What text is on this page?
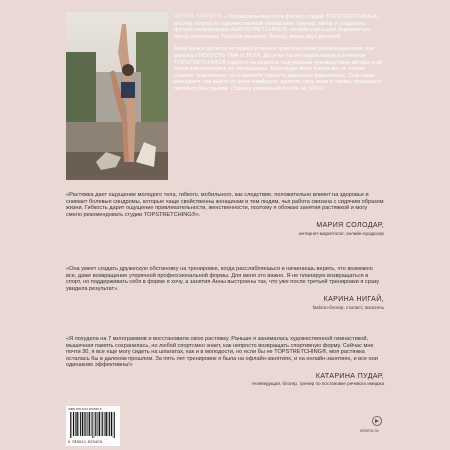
АННА КАНЮК – основательница сети фитнес-студий TOPSTRETCHING®, мастер спорта по художественной гимнастике, тренер, автор и создатель фитнес-направления AEROSTRETCHING®, онлайн-курса для беременных, автор нескольких YouTube-каналов, блогер, мама двух дочерей.

Анна Канюк делится историей успеха и практическими рекомендациями, как развить ГИБКОСТЬ УМА И ТЕЛА. Десятки тысяч подписчиков и клиентов TOPSTRETCHING® садятся на шпагаты под умелым руководством автора этой книги или пользуясь ее методиками. Благодаря Анне Канюк вы не только станете пластичнее, но и сможете обрести душевное равновесие. Она также расскажет, как выйти из зоны комфорта, развить силу воли и начать правильно питаться без срывов. Станьте уверенной в себе на 100%!

«Растяжка дает ощущение молодого тела, гибкого, мобильного, как следствие, положительно влияет на здоровье и снимает болевые синдромы, которые чаще свойственны женщинам и тем людям, чья работа связана с сидячим образом жизни. Гибкость дарит ощущение привлекательности, женственности, поэтому я обожаю занятия растяжкой и могу смело рекомендовать студии TOPSTRETCHING®».
МАРИЯ СОЛОДАР,
интернет-маркетолог, онлайн-продюсер
«Она умеет создать дружескую обстановку на тренировке, когда расслабляешься и начинаешь верить, что возможно все, даже возвращение утерянной профессиональной формы. Для меня это важно. Я не планирую возвращаться в спорт, но поддерживать себя в форме я хочу, а занятия Анны выстроены так, что уже после третьей тренировки я сразу увидела результат».
КАРИНА НИГАЙ,
fashion-блогер, стилист, писатель
«Я похудела на 7 килограммов и восстановила свою растяжку. Раньше я занималась художественной гимнастикой, мышечная память сохранилась, но любой спортсмен знает, как непросто возвращать спортивную форму. Сейчас мне почти 30, я все еще могу сидеть на шпагатах, как и в молодости, но если бы не TOPSTRETCHING®, моя растяжка осталась бы в далеком прошлом. За пять лет тренировок я была на офлайн-занятиях, и на онлайн-занятиях, и все они одинаково эффективны!»
КАТАРИНА ПУДАР,
телеведущая, блогер, тренер по постановке речевого имиджа
ISBN 978-5-04-152540-5
9 785041 525405
eksmo.ru
